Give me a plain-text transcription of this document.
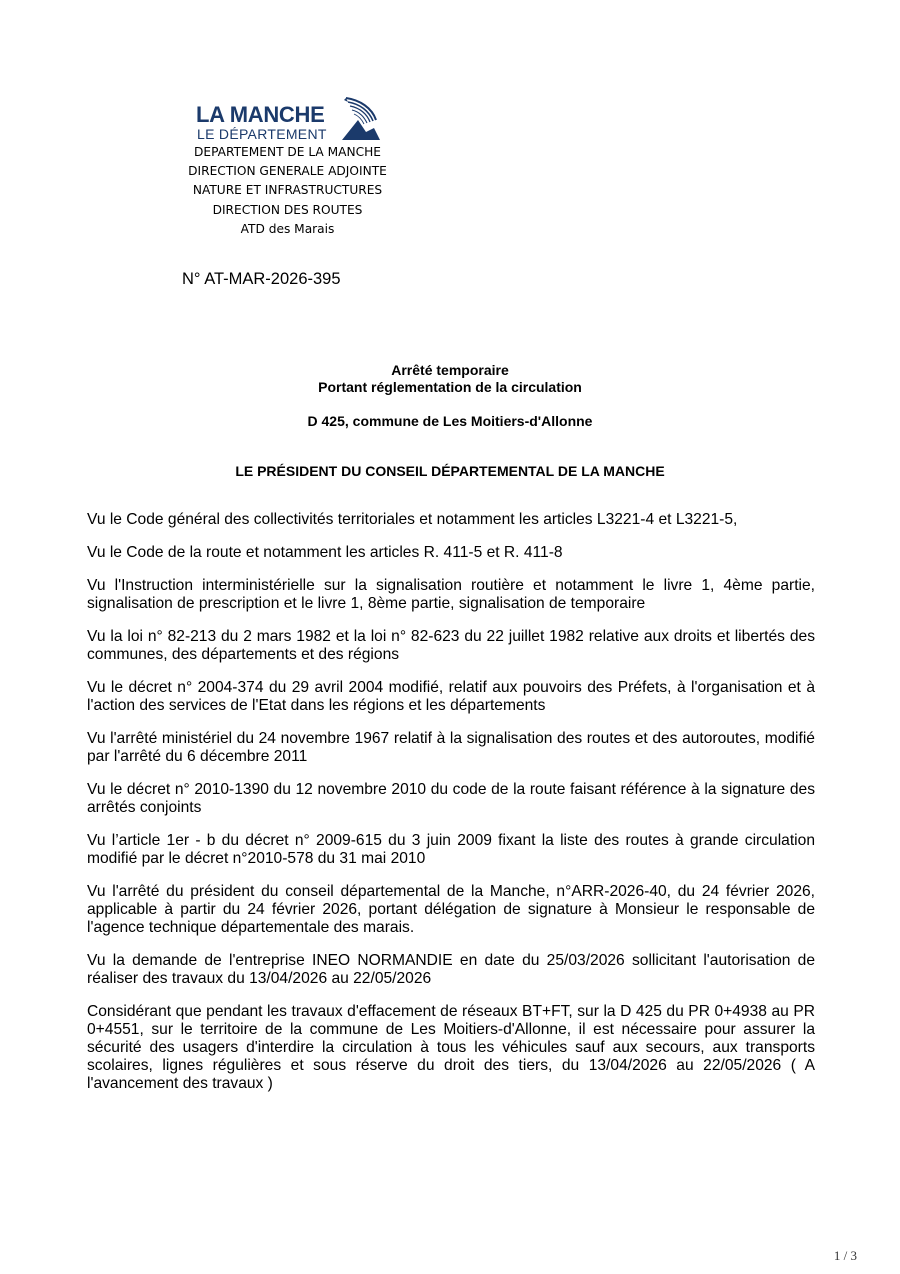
LA MANCHE
LE DÉPARTEMENT
DEPARTEMENT DE LA MANCHE
DIRECTION GENERALE ADJOINTE
NATURE ET INFRASTRUCTURES
DIRECTION DES ROUTES
ATD des Marais
N° AT-MAR-2026-395
Arrêté temporaire
Portant réglementation de la circulation
D 425, commune de Les Moitiers-d'Allonne
LE PRÉSIDENT DU CONSEIL DÉPARTEMENTAL DE LA MANCHE

Vu le Code général des collectivités territoriales et notamment les articles L3221-4 et L3221-5,

Vu le Code de la route et notamment les articles R. 411-5 et R. 411-8

Vu l'Instruction interministérielle sur la signalisation routière et notamment le livre 1, 4ème partie, signalisation de prescription et le livre 1, 8ème partie, signalisation de temporaire

Vu la loi n° 82-213 du 2 mars 1982 et la loi n° 82-623 du 22 juillet 1982 relative aux droits et libertés des communes, des départements et des régions

Vu le décret n° 2004-374 du 29 avril 2004 modifié, relatif aux pouvoirs des Préfets, à l'organisation et à l'action des services de l'Etat dans les régions et les départements

Vu l'arrêté ministériel du 24 novembre 1967 relatif à la signalisation des routes et des autoroutes, modifié par l'arrêté du 6 décembre 2011

Vu le décret n° 2010-1390 du 12 novembre 2010 du code de la route faisant référence à la signature des arrêtés conjoints

Vu l’article 1er - b du décret n° 2009-615 du 3 juin 2009 fixant la liste des routes à grande circulation modifié par le décret n°2010-578 du 31 mai 2010

Vu l'arrêté du président du conseil départemental de la Manche, n°ARR-2026-40, du 24 février 2026, applicable à partir du 24 février 2026, portant délégation de signature à Monsieur le responsable de l'agence technique départementale des marais.

Vu la demande de l'entreprise INEO NORMANDIE en date du 25/03/2026 sollicitant l'autorisation de réaliser des travaux du 13/04/2026 au 22/05/2026

Considérant que pendant les travaux d'effacement de réseaux BT+FT, sur la D 425 du PR 0+4938 au PR 0+4551, sur le territoire de la commune de Les Moitiers-d'Allonne, il est nécessaire pour assurer la sécurité des usagers d'interdire la circulation à tous les véhicules sauf aux secours, aux transports scolaires, lignes régulières et sous réserve du droit des tiers, du 13/04/2026 au 22/05/2026 ( A l'avancement des travaux )

1 / 3
